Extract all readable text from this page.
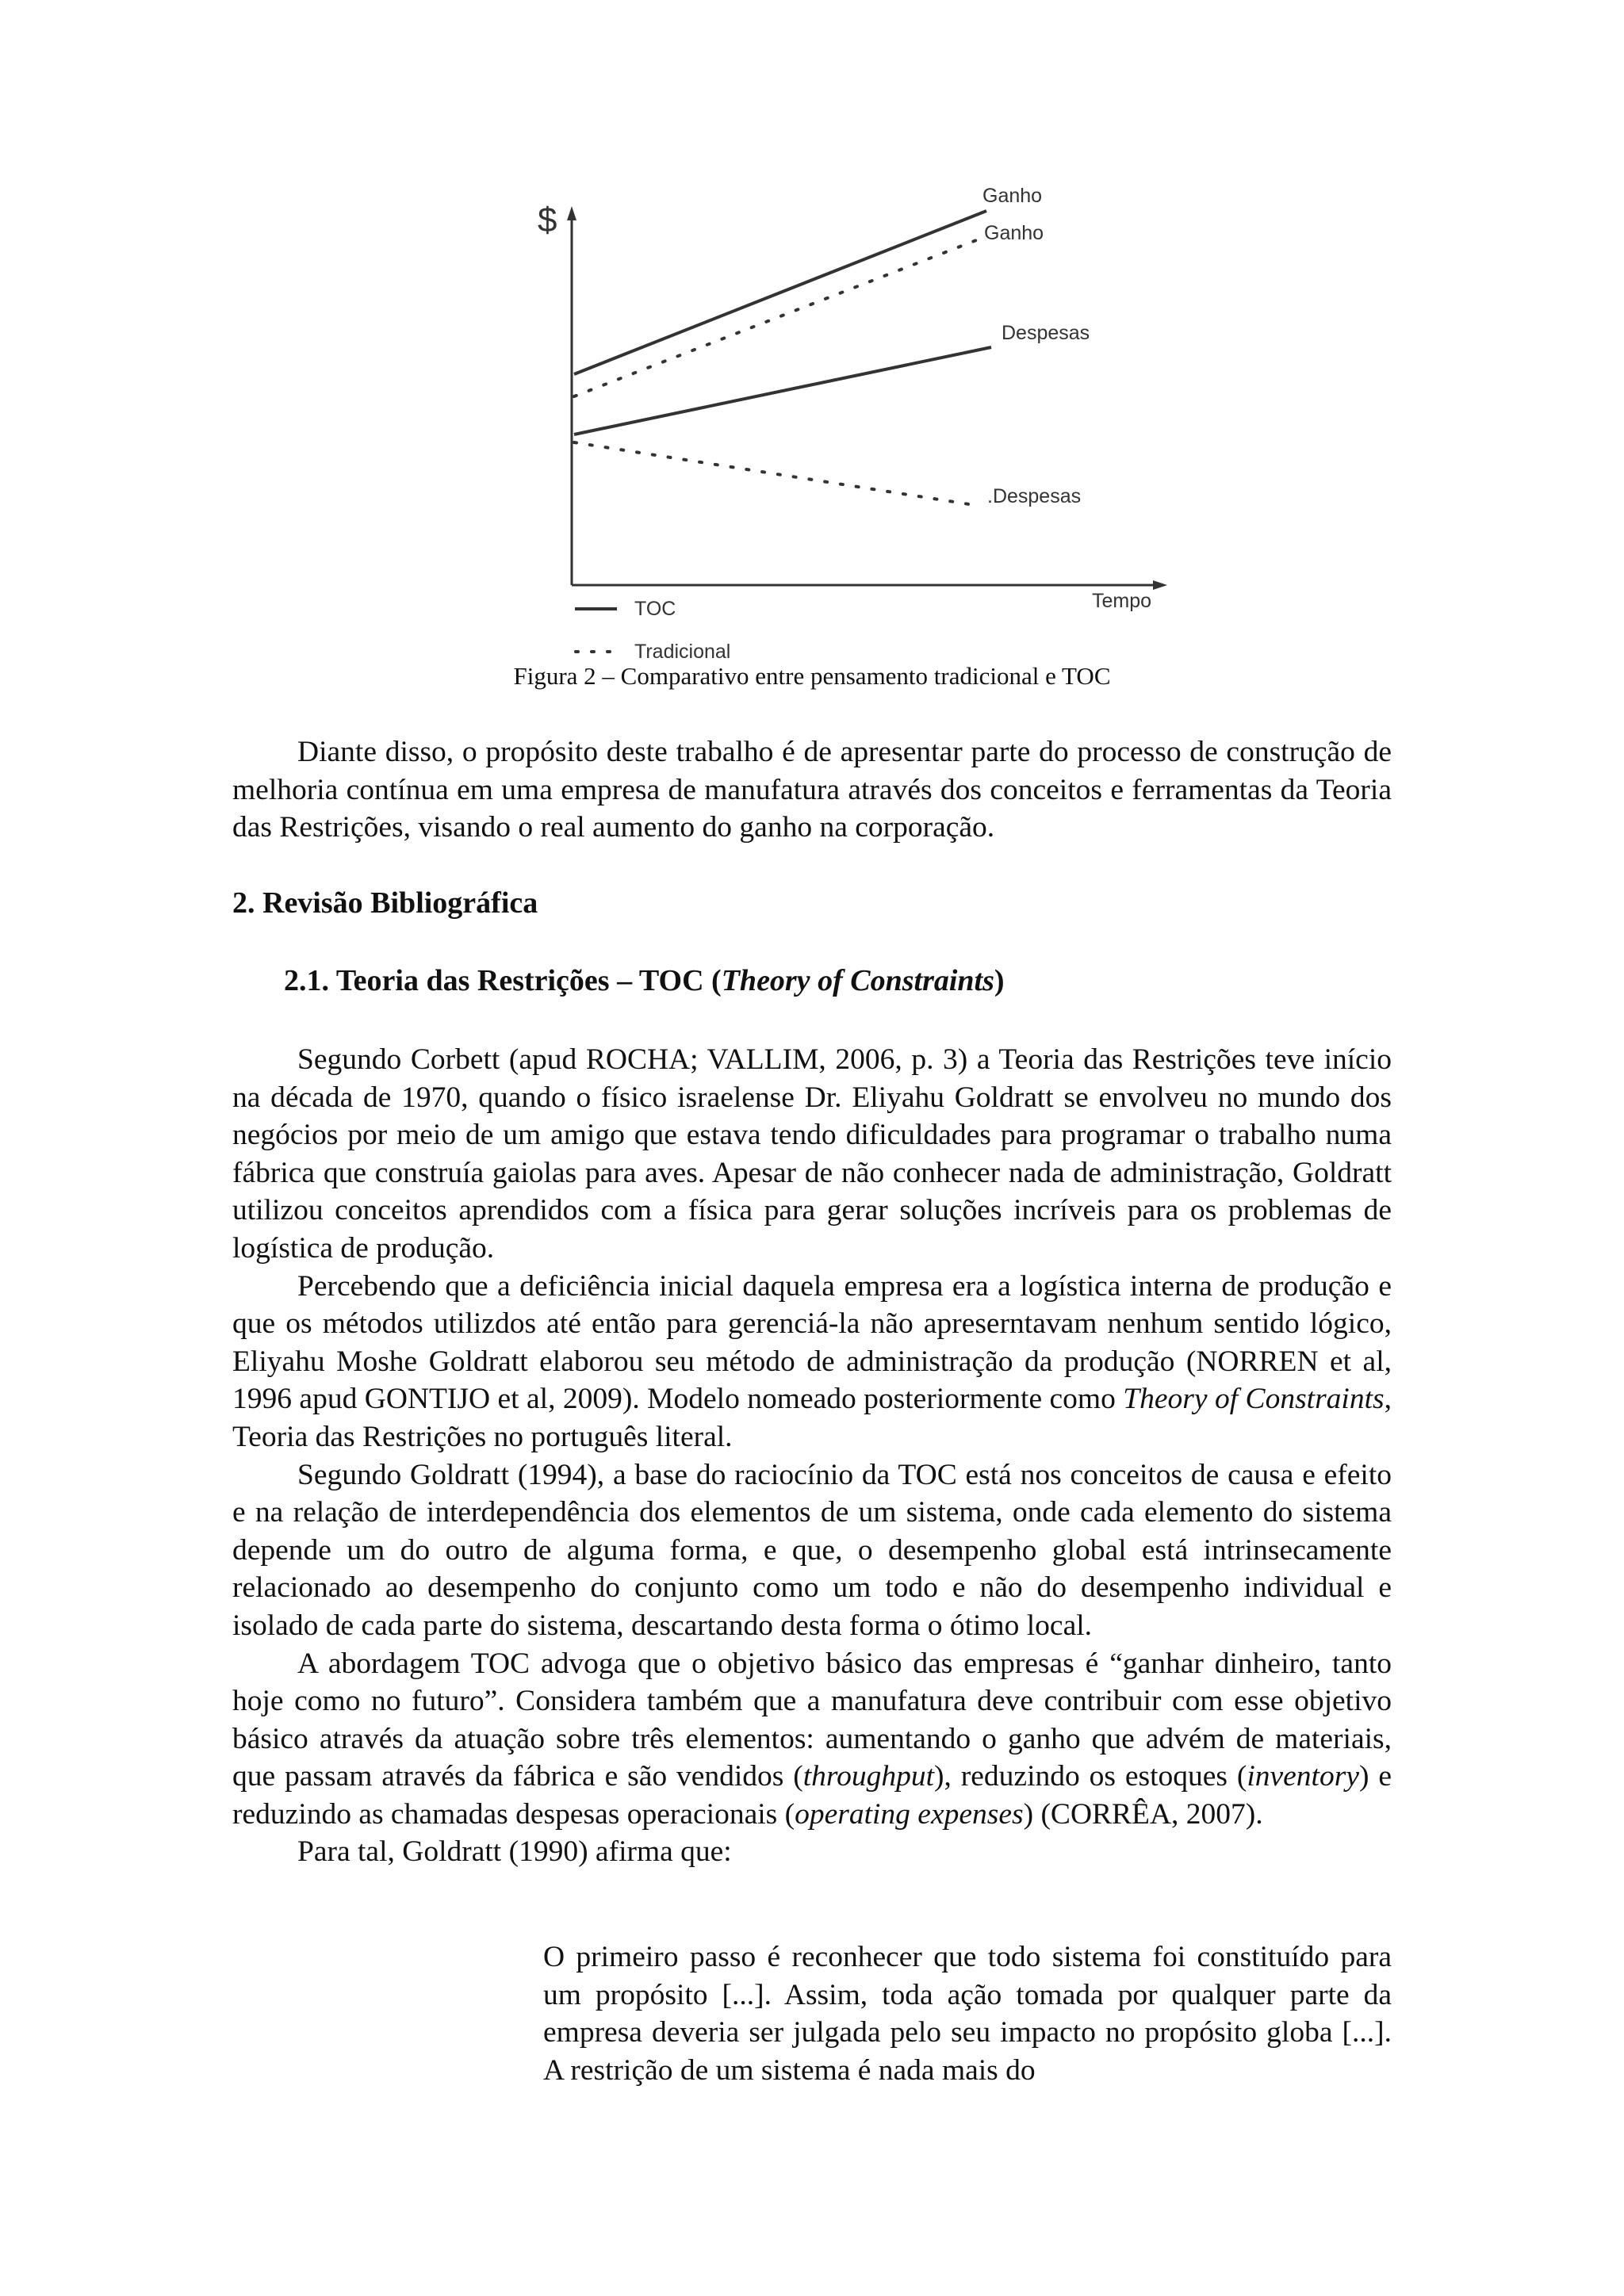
$
Tempo
Ganho
Ganho
Despesas
.Despesas
TOC
Tradicional
Figura 2 – Comparativo entre pensamento tradicional e TOC

Diante disso, o propósito deste trabalho é de apresentar parte do processo de construção de melhoria contínua em uma empresa de manufatura através dos conceitos e ferramentas da Teoria das Restrições, visando o real aumento do ganho na corporação.

2. Revisão Bibliográfica
2.1. Teoria das Restrições – TOC (Theory of Constraints)

Segundo Corbett (apud ROCHA; VALLIM, 2006, p. 3) a Teoria das Restrições teve início na década de 1970, quando o físico israelense Dr. Eliyahu Goldratt se envolveu no mundo dos negócios por meio de um amigo que estava tendo dificuldades para programar o trabalho numa fábrica que construía gaiolas para aves. Apesar de não conhecer nada de administração, Goldratt utilizou conceitos aprendidos com a física para gerar soluções incríveis para os problemas de logística de produção.

Percebendo que a deficiência inicial daquela empresa era a logística interna de produção e que os métodos utilizdos até então para gerenciá-la não apreserntavam nenhum sentido lógico, Eliyahu Moshe Goldratt elaborou seu método de administração da produção (NORREN et al, 1996 apud GONTIJO et al, 2009). Modelo nomeado posteriormente como Theory of Constraints, Teoria das Restrições no português literal.

Segundo Goldratt (1994), a base do raciocínio da TOC está nos conceitos de causa e efeito e na relação de interdependência dos elementos de um sistema, onde cada elemento do sistema depende um do outro de alguma forma, e que, o desempenho global está intrinsecamente relacionado ao desempenho do conjunto como um todo e não do desempenho individual e isolado de cada parte do sistema, descartando desta forma o ótimo local.

A abordagem TOC advoga que o objetivo básico das empresas é “ganhar dinheiro, tanto hoje como no futuro”. Considera também que a manufatura deve contribuir com esse objetivo básico através da atuação sobre três elementos: aumentando o ganho que advém de materiais, que passam através da fábrica e são vendidos (throughput), reduzindo os estoques (inventory) e reduzindo as chamadas despesas operacionais (operating expenses) (CORRÊA, 2007).

Para tal, Goldratt (1990) afirma que:

O primeiro passo é reconhecer que todo sistema foi constituído para um propósito [...]. Assim, toda ação tomada por qualquer parte da empresa deveria ser julgada pelo seu impacto no propósito globa [...]. A restrição de um sistema é nada mais do
